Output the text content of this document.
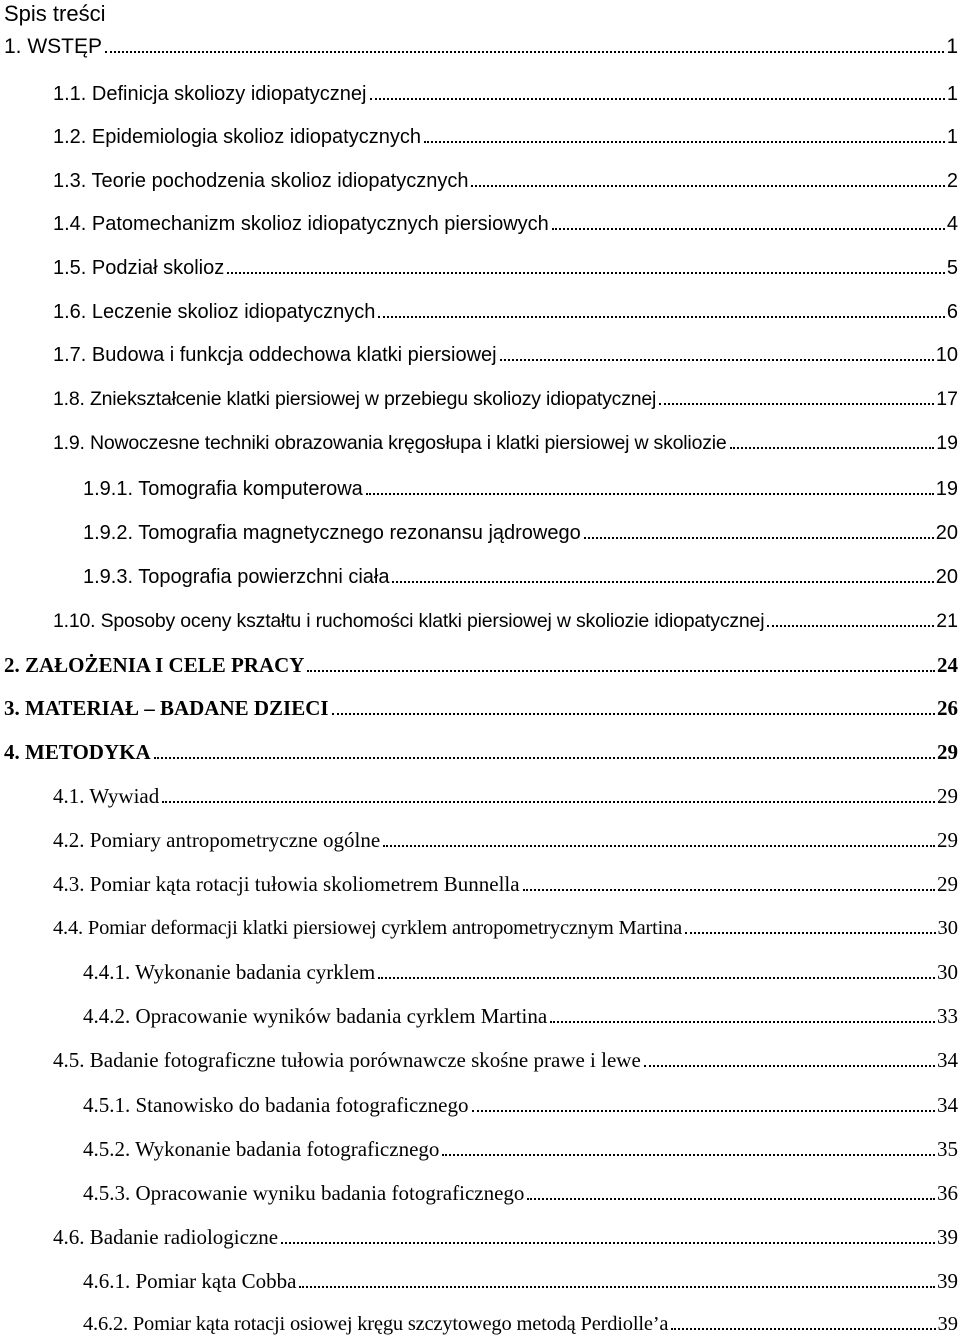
Spis treści
1. WSTĘP	1
1.1. Definicja skoliozy idiopatycznej	1
1.2. Epidemiologia skolioz idiopatycznych	1
1.3. Teorie pochodzenia skolioz idiopatycznych	2
1.4. Patomechanizm skolioz idiopatycznych piersiowych	4
1.5. Podział skolioz	5
1.6. Leczenie skolioz idiopatycznych	6
1.7. Budowa i funkcja oddechowa klatki piersiowej	10
1.8. Zniekształcenie klatki piersiowej w przebiegu skoliozy idiopatycznej	17
1.9. Nowoczesne techniki obrazowania kręgosłupa i klatki piersiowej w skoliozie	19
1.9.1. Tomografia komputerowa	19
1.9.2. Tomografia magnetycznego rezonansu jądrowego	20
1.9.3. Topografia powierzchni ciała	20
1.10. Sposoby oceny kształtu i ruchomości klatki piersiowej w skoliozie idiopatycznej	21
2. ZAŁOŻENIA I CELE PRACY	24
3. MATERIAŁ – BADANE DZIECI	26
4. METODYKA	29
4.1. Wywiad	29
4.2. Pomiary antropometryczne ogólne	29
4.3. Pomiar kąta rotacji tułowia skoliometrem Bunnella	29
4.4. Pomiar deformacji klatki piersiowej cyrklem antropometrycznym Martina	30
4.4.1. Wykonanie badania cyrklem	30
4.4.2. Opracowanie wyników badania cyrklem Martina	33
4.5. Badanie fotograficzne tułowia porównawcze skośne prawe i lewe	34
4.5.1. Stanowisko do badania fotograficznego	34
4.5.2. Wykonanie badania fotograficznego	35
4.5.3. Opracowanie wyniku badania fotograficznego	36
4.6. Badanie radiologiczne	39
4.6.1. Pomiar kąta Cobba	39
4.6.2. Pomiar kąta rotacji osiowej kręgu szczytowego metodą Perdiolle’a	39
